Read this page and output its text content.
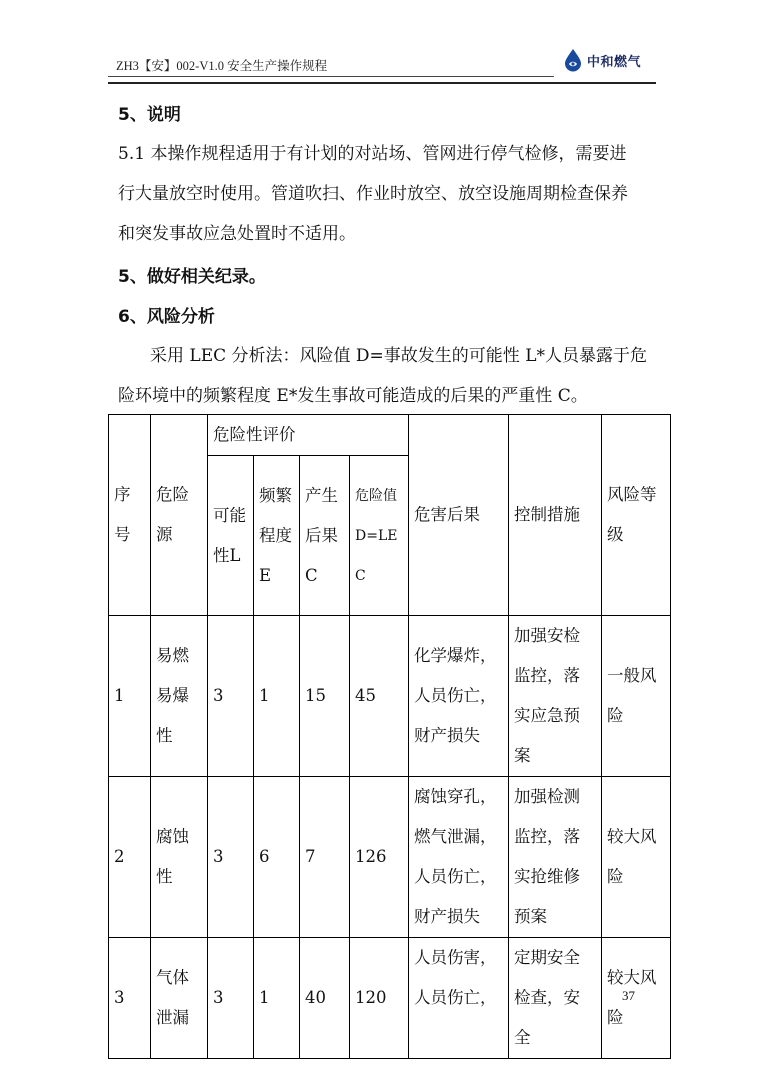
ZH3【安】002-V1.0 安全生产操作规程	中和燃气

5、说明

5.1 本操作规程适用于有计划的对站场、管网进行停气检修，需要进

行大量放空时使用。管道吹扫、作业时放空、放空设施周期检查保养

和突发事故应急处置时不适用。

5、做好相关纪录。

6、风险分析

采用 LEC 分析法：风险值 D=事故发生的可能性 L*人员暴露于危

险环境中的频繁程度 E*发生事故可能造成的后果的严重性 C。

序号	危险源	危险性评价				危害后果	控制措施	风险等级
		可能性L	频繁程度E	产生后果C	危险值D=LEC			
1	易燃易爆性	3	1	15	45	化学爆炸，人员伤亡，财产损失	加强安检监控，落实应急预案	一般风险
2	腐蚀性	3	6	7	126	腐蚀穿孔，燃气泄漏，人员伤亡，财产损失	加强检测监控，落实抢维修预案	较大风险
3	气体泄漏	3	1	40	120	人员伤害，人员伤亡，	定期安全检查，安全	较大风险
37
